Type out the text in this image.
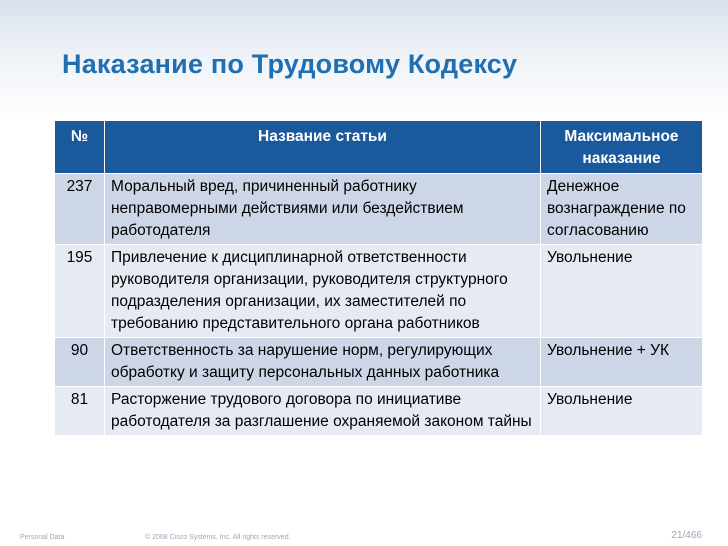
Наказание по Трудовому Кодексу
№	Название статьи	Максимальное наказание
237	Моральный вред, причиненный работнику неправомерными действиями или бездействием работодателя	Денежное вознаграждение по согласованию
195	Привлечение к дисциплинарной ответственности руководителя организации, руководителя структурного подразделения организации, их заместителей по требованию представительного органа работников	Увольнение
90	Ответственность за нарушение норм, регулирующих обработку и защиту персональных данных работника	Увольнение + УК
81	Расторжение трудового договора по инициативе работодателя за разглашение охраняемой законом тайны	Увольнение
Personal Data	© 2008 Cisco Systems, Inc. All rights reserved.	21/466
